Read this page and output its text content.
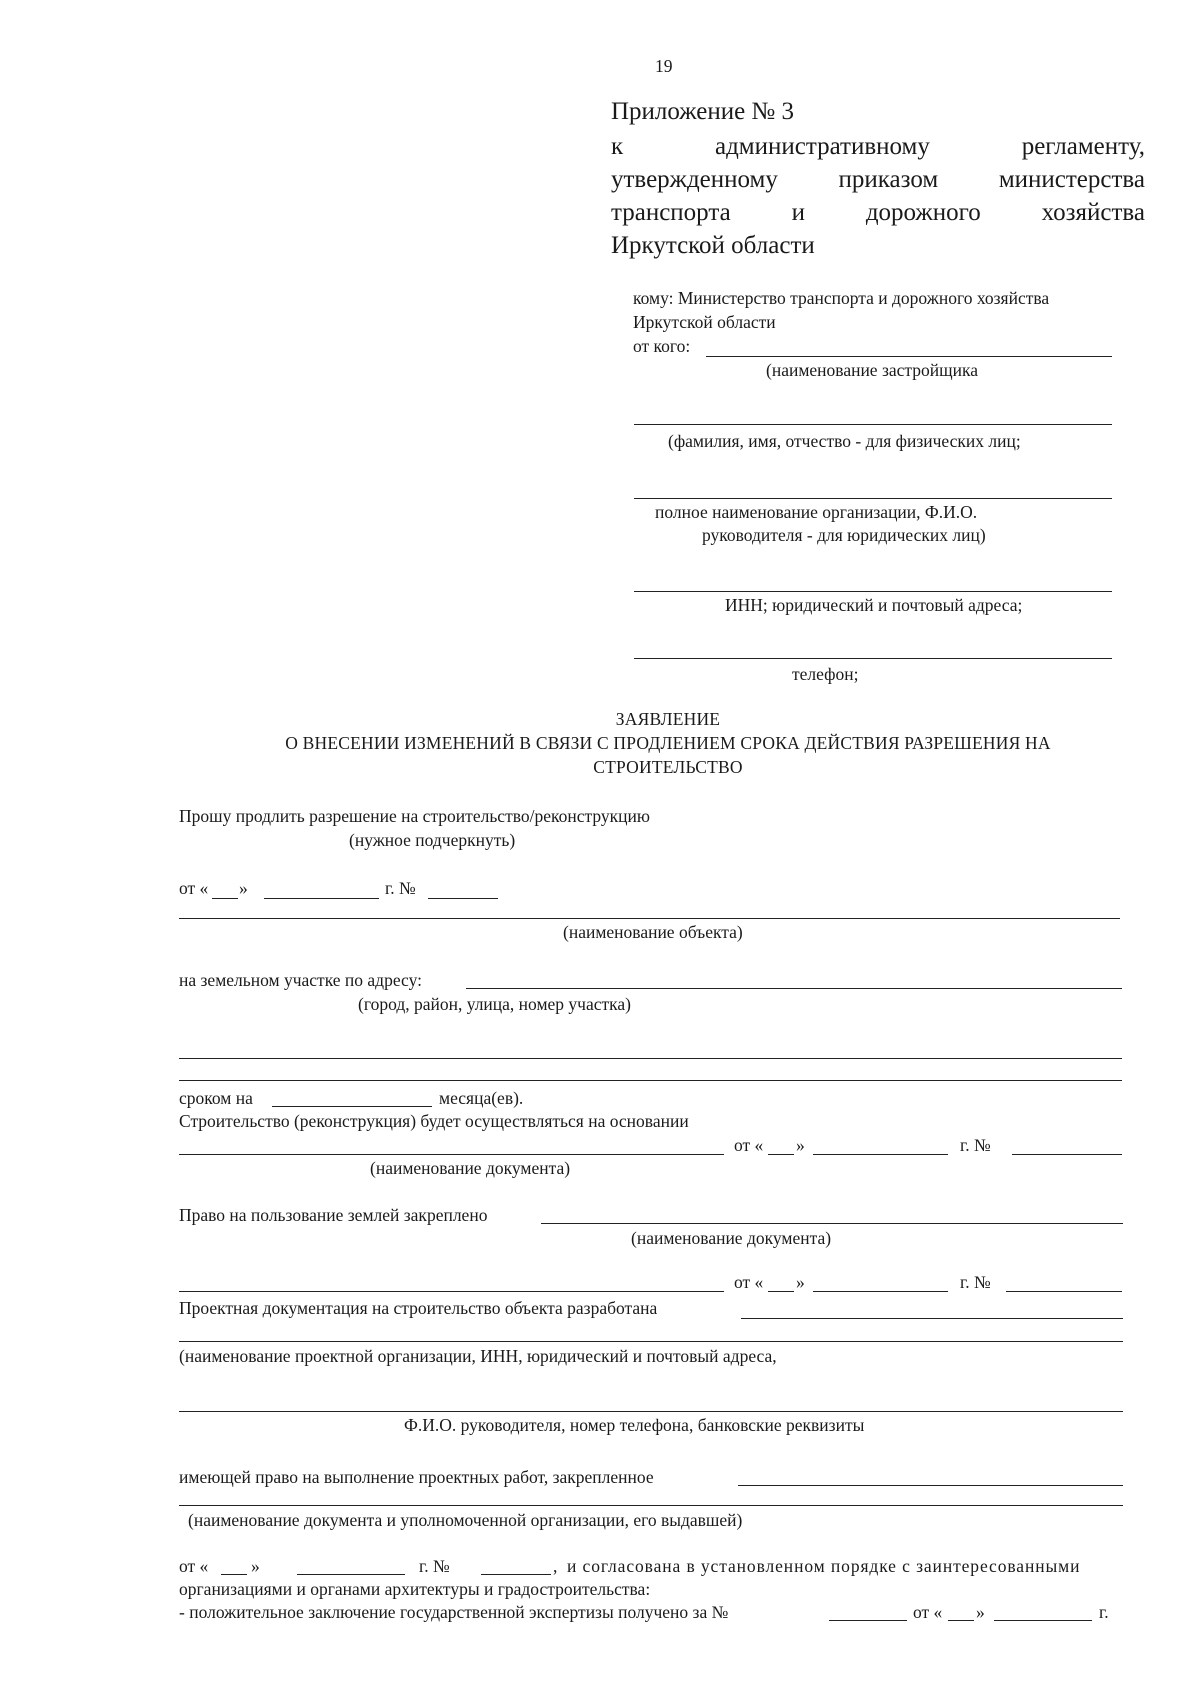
19
Приложение № 3
к	административному	регламенту,
утвержденному приказом министерства
транспорта и дорожного хозяйства
Иркутской области
кому: Министерство транспорта и дорожного хозяйства
Иркутской области
от кого:
(наименование застройщика
(фамилия, имя, отчество - для физических лиц;
полное наименование организации, Ф.И.О.
руководителя - для юридических лиц)
ИНН; юридический и почтовый адреса;
телефон;
ЗАЯВЛЕНИЕ
О ВНЕСЕНИИ ИЗМЕНЕНИЙ В СВЯЗИ С ПРОДЛЕНИЕМ СРОКА ДЕЙСТВИЯ РАЗРЕШЕНИЯ НА
СТРОИТЕЛЬСТВО
Прошу продлить разрешение на строительство/реконструкцию
(нужное подчеркнуть)
от « »	г. №
(наименование объекта)
на земельном участке по адресу:
(город, район, улица, номер участка)
сроком на	месяца(ев).
Строительство (реконструкция) будет осуществляться на основании
от « »	г. №
(наименование документа)
Право на пользование землей закреплено
(наименование документа)
от « »	г. №
Проектная документация на строительство объекта разработана
(наименование проектной организации, ИНН, юридический и почтовый адреса,
Ф.И.О. руководителя, номер телефона, банковские реквизиты
имеющей право на выполнение проектных работ, закрепленное
(наименование документа и уполномоченной организации, его выдавшей)
от « »	г. №	, и согласована в установленном порядке с заинтересованными
организациями и органами архитектуры и градостроительства:
- положительное заключение государственной экспертизы получено за №	от « »	г.
